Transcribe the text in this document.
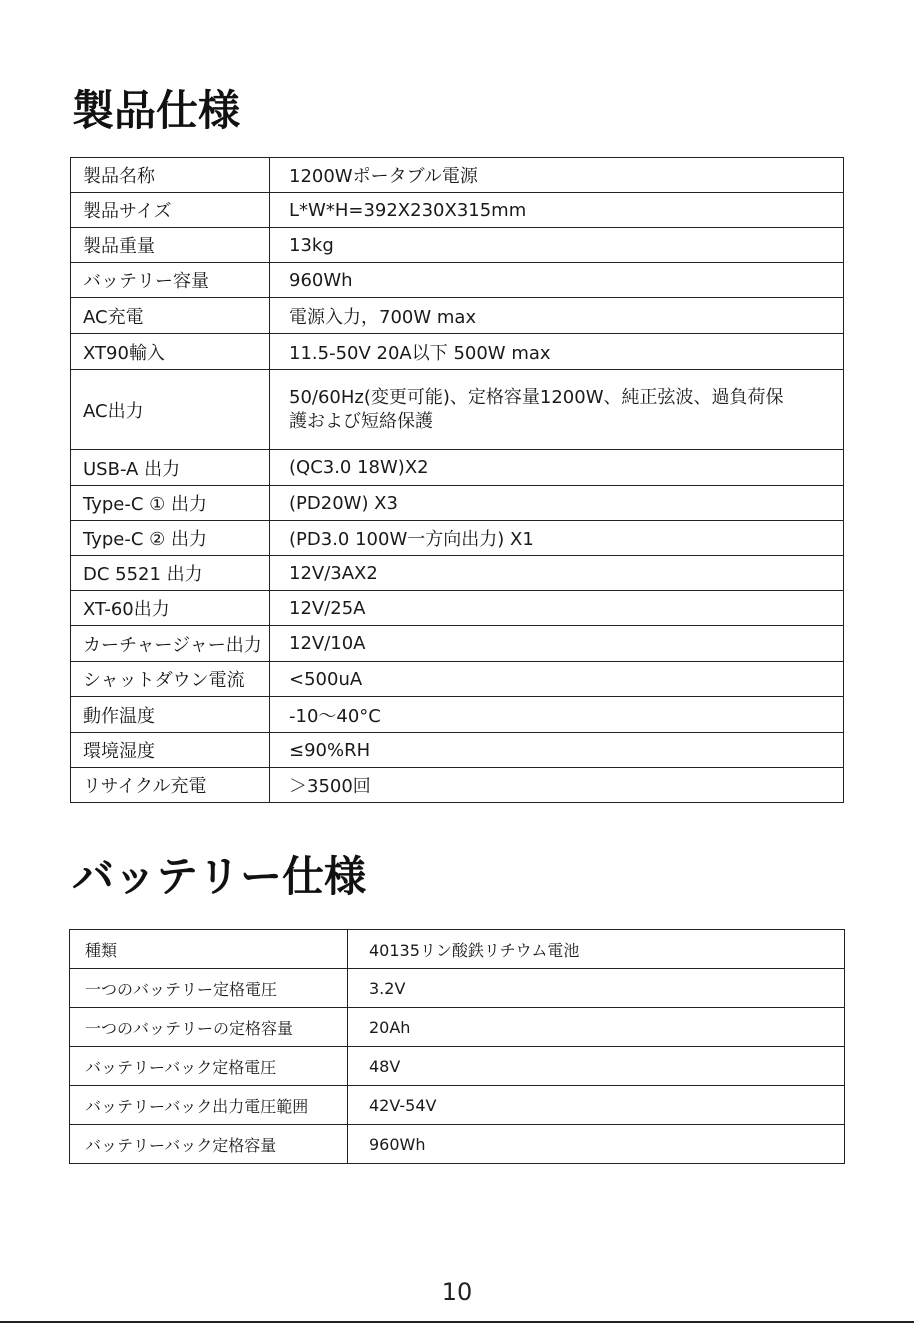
製品仕様
製品名称	1200Wポータブル電源
製品サイズ	L*W*H=392X230X315mm
製品重量	13kg
バッテリー容量	960Wh
AC充電	電源入力，700W max
XT90輸入	11.5-50V 20A以下 500W max
AC出力	50/60Hz(変更可能)、定格容量1200W、純正弦波、過負荷保護および短絡保護

USB-A 出力	(QC3.0 18W)X2
Type-C ① 出力	(PD20W) X3
Type-C ② 出力	(PD3.0 100W一方向出力) X1
DC 5521 出力	12V/3AX2
XT-60出力	12V/25A
カーチャージャー出力	12V/10A
シャットダウン電流	<500uA
動作温度	-10～40°C
環境湿度	≤90%RH
リサイクル充電	＞3500回
バッテリー仕様
種類	40135リン酸鉄リチウム電池
一つのバッテリー定格電圧	3.2V
一つのバッテリーの定格容量	20Ah
バッテリーバック定格電圧	48V
バッテリーバック出力電圧範囲	42V-54V
バッテリーバック定格容量	960Wh
10
